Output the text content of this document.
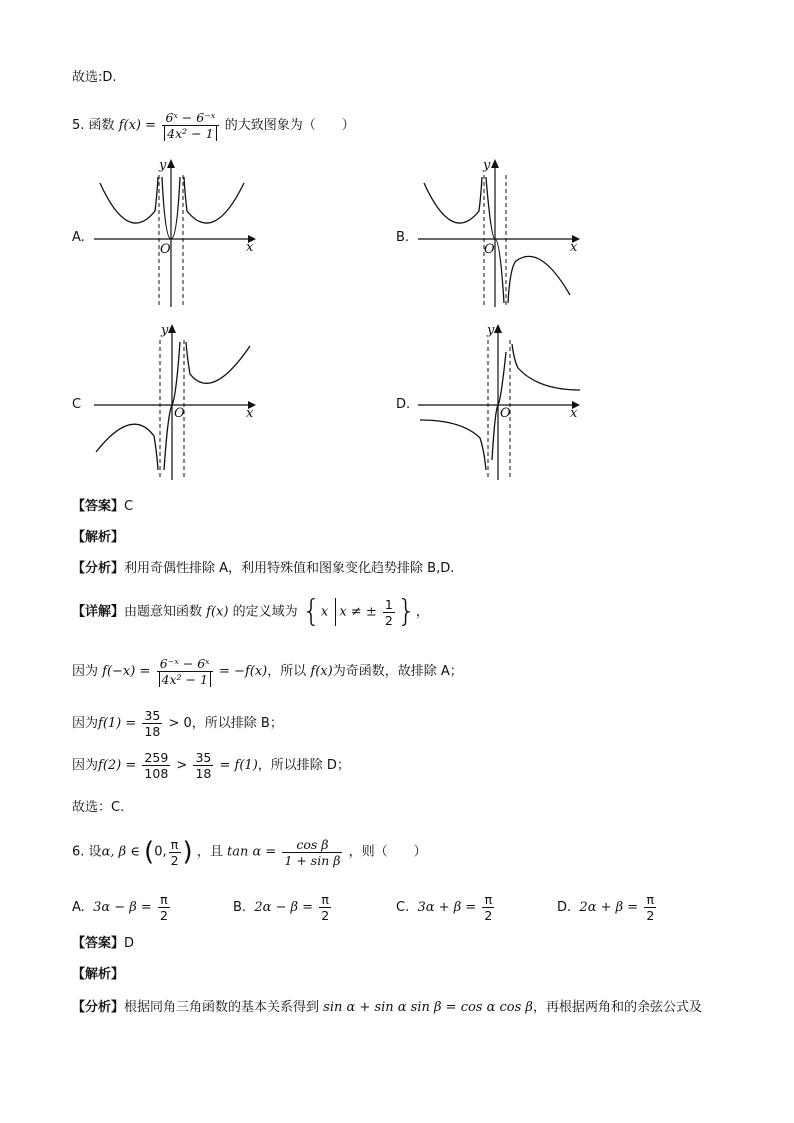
故选:D.
5. 函数 $f(x) = \frac{\text{6ˣ − 6⁻ˣ}}{\text{4x² − 1}}$ 的大致图象为（　　）
A.
y
x
O
B.
y
x
O
C
y
x
O
D.
y
x
O
【答案】C
【解析】
【分析】利用奇偶性排除 A，利用特殊值和图象变化趋势排除 B,D.
【详解】由题意知函数 f(x) 的定义域为 {x x ≠ ± $\frac{1}{2}$ }，
因为 $f(-x) = \frac{\text{6⁻ˣ − 6ˣ}}{\text{4x² − 1}} = -f(x)$，所以 f(x)为奇函数，故排除 A；
因为$f(1) = \frac{35}{18} > 0$，所以排除 B；
因为$f(2) = \frac{259}{108} > \frac{35}{18} = f(1)$，所以排除 D；
故选：C.
6. 设α, β ∈ (0, $\frac{\pi}{2}$ ) ，且 $\tan \alpha = \frac{\text{cos β}}{\text{1 + sin β}}$ ，则（　　）
A. $3\alpha - \beta = \frac{\pi}{2}$	B. $2\alpha - \beta = \frac{\pi}{2}$	C. $3\alpha + \beta = \frac{\pi}{2}$	D. $2\alpha + \beta = \frac{\pi}{2}$
【答案】D
【解析】
【分析】根据同角三角函数的基本关系得到 sin α + sin α sin β = cos α cos β，再根据两角和的余弦公式及
